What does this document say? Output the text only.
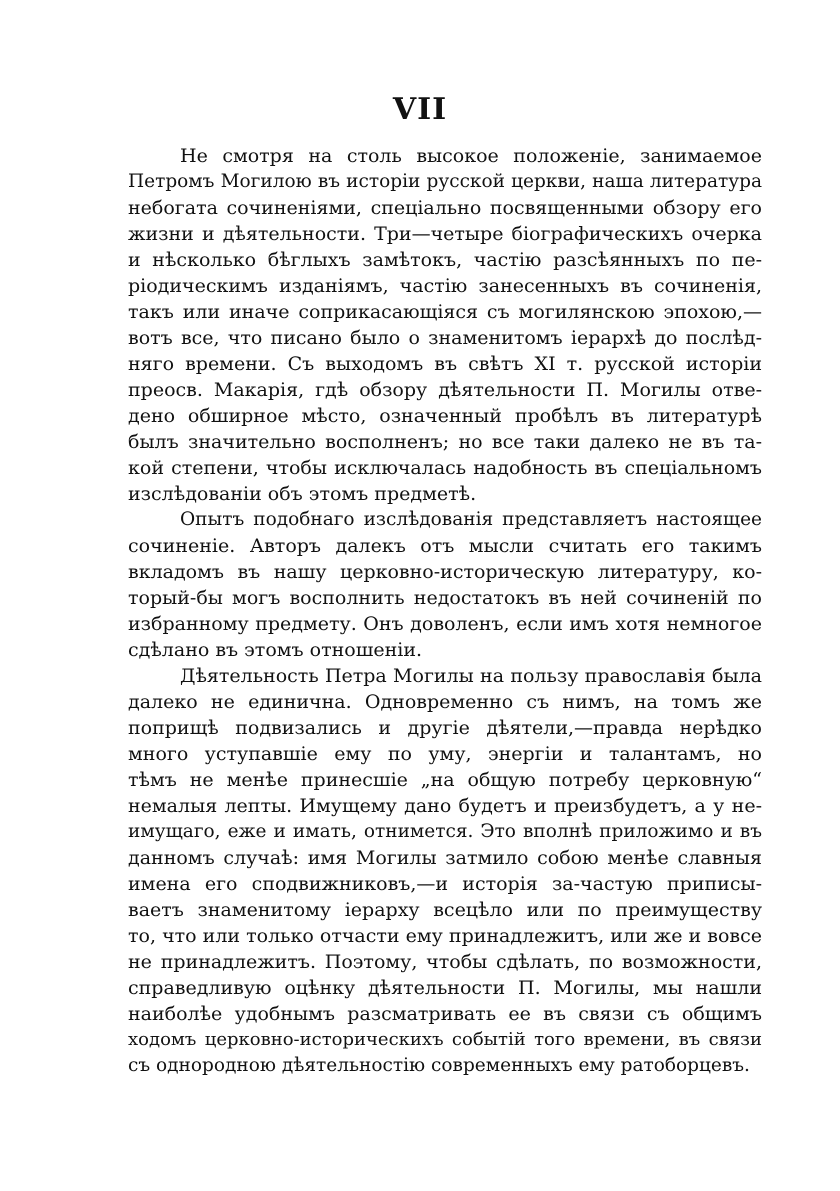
VII
Не смотря на столь высокое положеніе, занимаемое
Петромъ Могилою въ исторіи русской церкви, наша литература
небогата сочиненіями, спеціально посвященными обзору его
жизни и дѣятельности. Три—четыре біографическихъ очерка
и нѣсколько бѣглыхъ замѣтокъ, частію разсѣянныхъ по пе-
ріодическимъ изданіямъ, частію занесенныхъ въ сочиненія,
такъ или иначе соприкасающіяся съ могилянскою эпохою,—
вотъ все, что писано было о знаменитомъ іерархѣ до послѣд-
няго времени. Съ выходомъ въ свѣтъ XI т. русской исторіи
преосв. Макарія, гдѣ обзору дѣятельности П. Могилы отве-
дено обширное мѣсто, означенный пробѣлъ въ литературѣ
былъ значительно восполненъ; но все таки далеко не въ та-
кой степени, чтобы исключалась надобность въ спеціальномъ
изслѣдованіи объ этомъ предметѣ.
Опытъ подобнаго изслѣдованія представляетъ настоящее
сочиненіе. Авторъ далекъ отъ мысли считать его такимъ
вкладомъ въ нашу церковно-историческую литературу, ко-
торый-бы могъ восполнить недостатокъ въ ней сочиненій по
избранному предмету. Онъ доволенъ, если имъ хотя немногое
сдѣлано въ этомъ отношеніи.
Дѣятельность Петра Могилы на пользу православія была
далеко не единична. Одновременно съ нимъ, на томъ же
поприщѣ подвизались и другіе дѣятели,—правда нерѣдко
много уступавшіе ему по уму, энергіи и талантамъ, но
тѣмъ не менѣе принесшіе „на общую потребу церковную“
немалыя лепты. Имущему дано будетъ и преизбудетъ, а у не-
имущаго, еже и имать, отнимется. Это вполнѣ приложимо и въ
данномъ случаѣ: имя Могилы затмило собою менѣе славныя
имена его сподвижниковъ,—и исторія за-частую приписы-
ваетъ знаменитому іерарху всецѣло или по преимуществу
то, что или только отчасти ему принадлежитъ, или же и вовсе
не принадлежитъ. Поэтому, чтобы сдѣлать, по возможности,
справедливую оцѣнку дѣятельности П. Могилы, мы нашли
наиболѣе удобнымъ разсматривать ее въ связи съ общимъ
ходомъ церковно-историческихъ событій того времени, въ связи
съ однородною дѣятельностію современныхъ ему ратоборцевъ.
